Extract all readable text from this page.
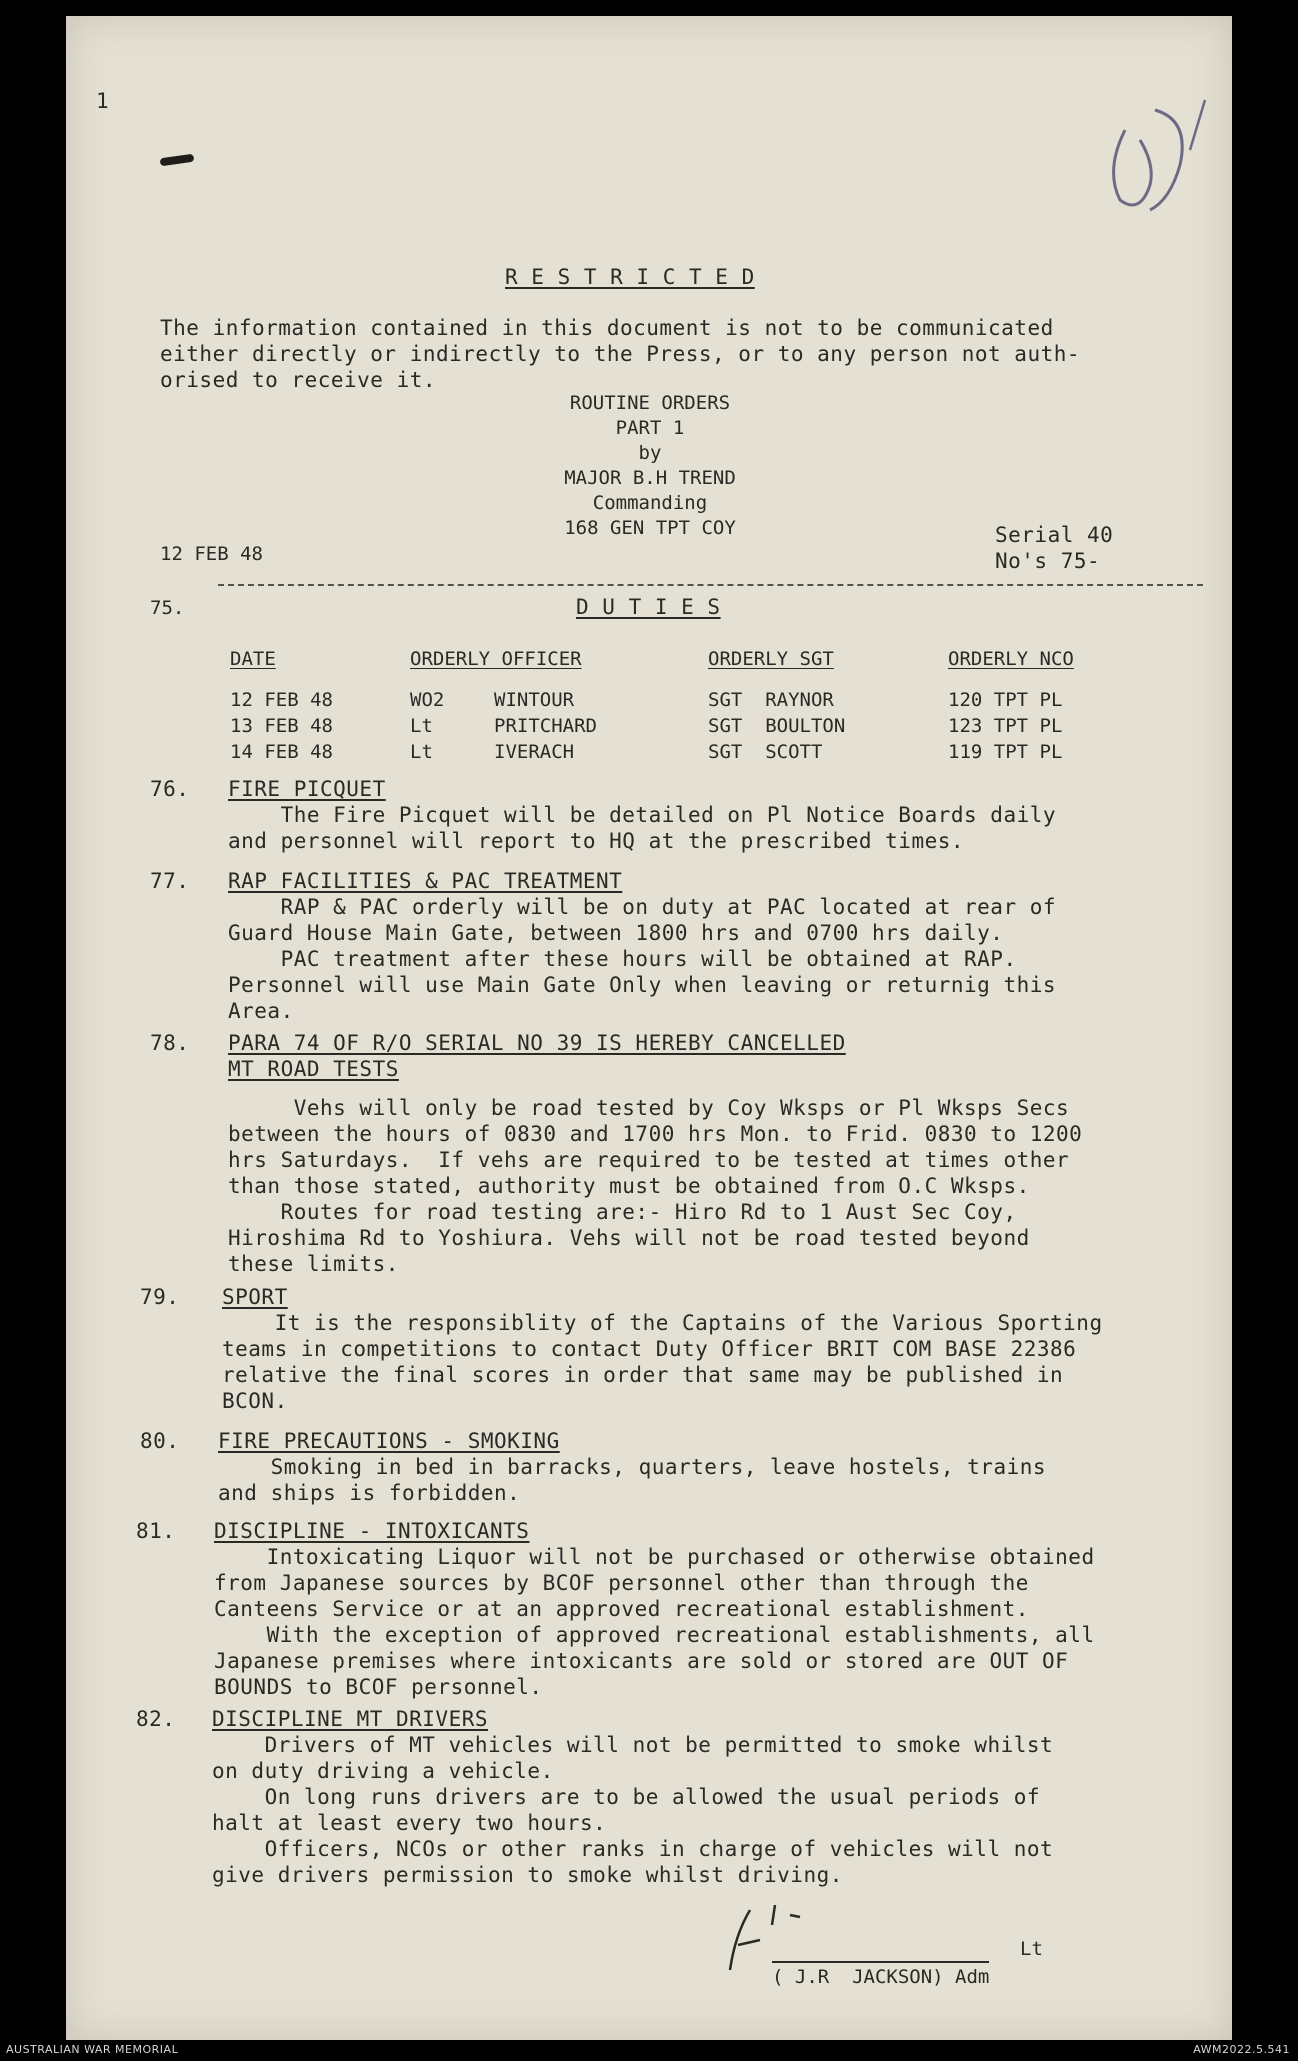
1
R E S T R I C T E D
The information contained in this document is not to be communicated
either directly or indirectly to the Press, or to any person not auth-
orised to receive it.
ROUTINE ORDERS
PART 1
by
MAJOR B.H TREND
Commanding
168 GEN TPT COY
12 FEB 48
Serial 40
No's 75-
75.	D U T I E S
DATE	ORDERLY OFFICER	ORDERLY SGT	ORDERLY NCO
12 FEB 48	WO2	WINTOUR	SGT  RAYNOR	120 TPT PL
13 FEB 48	Lt	PRITCHARD	SGT  BOULTON	123 TPT PL
14 FEB 48	Lt	IVERACH	SGT  SCOTT	119 TPT PL
76. FIRE PICQUET
The Fire Picquet will be detailed on Pl Notice Boards daily
and personnel will report to HQ at the prescribed times.
77. RAP FACILITIES & PAC TREATMENT
RAP & PAC orderly will be on duty at PAC located at rear of
Guard House Main Gate, between 1800 hrs and 0700 hrs daily.
PAC treatment after these hours will be obtained at RAP.
Personnel will use Main Gate Only when leaving or returnig this
Area.
78. PARA 74 OF R/O SERIAL NO 39 IS HEREBY CANCELLED
MT ROAD TESTS
Vehs will only be road tested by Coy Wksps or Pl Wksps Secs
between the hours of 0830 and 1700 hrs Mon. to Frid. 0830 to 1200
hrs Saturdays.  If vehs are required to be tested at times other
than those stated, authority must be obtained from O.C Wksps.
Routes for road testing are:- Hiro Rd to 1 Aust Sec Coy,
Hiroshima Rd to Yoshiura. Vehs will not be road tested beyond
these limits.
79. SPORT
It is the responsiblity of the Captains of the Various Sporting
teams in competitions to contact Duty Officer BRIT COM BASE 22386
relative the final scores in order that same may be published in
BCON.
80. FIRE PRECAUTIONS - SMOKING
Smoking in bed in barracks, quarters, leave hostels, trains
and ships is forbidden.
81. DISCIPLINE - INTOXICANTS
Intoxicating Liquor will not be purchased or otherwise obtained
from Japanese sources by BCOF personnel other than through the
Canteens Service or at an approved recreational establishment.
With the exception of approved recreational establishments, all
Japanese premises where intoxicants are sold or stored are OUT OF
BOUNDS to BCOF personnel.
82. DISCIPLINE MT DRIVERS
Drivers of MT vehicles will not be permitted to smoke whilst
on duty driving a vehicle.
On long runs drivers are to be allowed the usual periods of
halt at least every two hours.
Officers, NCOs or other ranks in charge of vehicles will not
give drivers permission to smoke whilst driving.
Lt
( J.R  JACKSON) Adm
AUSTRALIAN WAR MEMORIAL	AWM2022.5.541
